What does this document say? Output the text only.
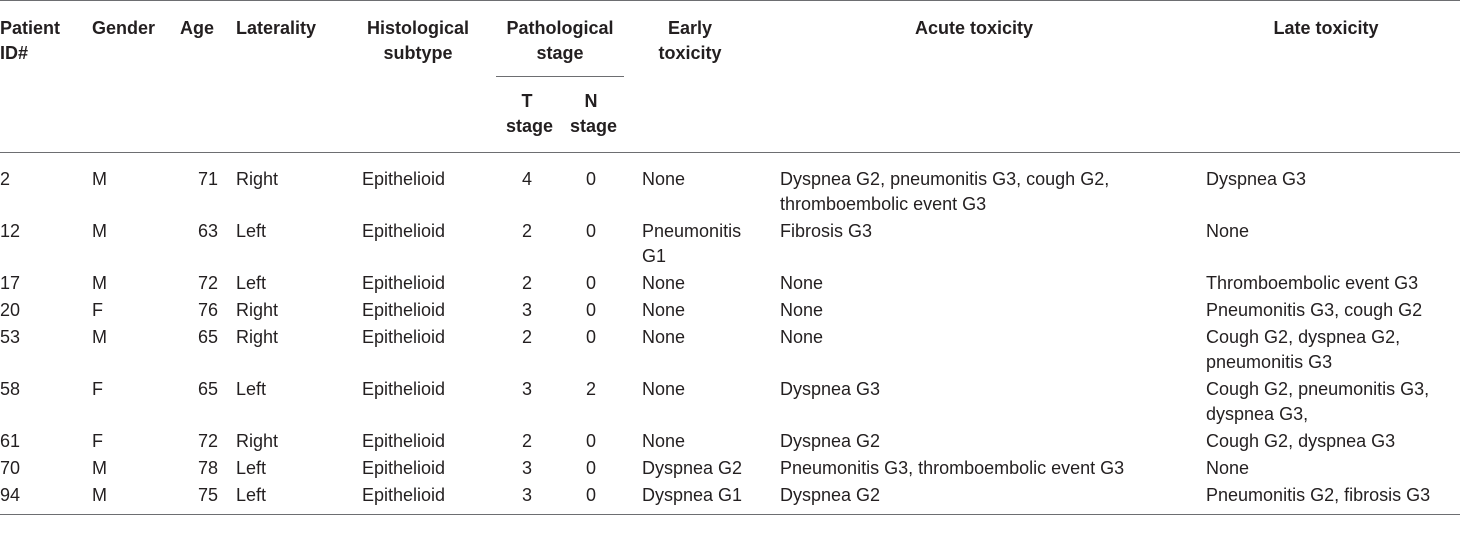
Patient ID#	Gender	Age	Laterality	Histological subtype	Pathological stage		Early toxicity	Acute toxicity	Late toxicity
					T stage	N stage			
2	M	71	Right	Epithelioid	4	0	None	Dyspnea G2, pneumonitis G3, cough G2, thromboembolic event G3	Dyspnea G3
12	M	63	Left	Epithelioid	2	0	Pneumonitis G1	Fibrosis G3	None
17	M	72	Left	Epithelioid	2	0	None	None	Thromboembolic event G3
20	F	76	Right	Epithelioid	3	0	None	None	Pneumonitis G3, cough G2
53	M	65	Right	Epithelioid	2	0	None	None	Cough G2, dyspnea G2, pneumonitis G3
58	F	65	Left	Epithelioid	3	2	None	Dyspnea G3	Cough G2, pneumonitis G3, dyspnea G3,
61	F	72	Right	Epithelioid	2	0	None	Dyspnea G2	Cough G2, dyspnea G3
70	M	78	Left	Epithelioid	3	0	Dyspnea G2	Pneumonitis G3, thromboembolic event G3	None
94	M	75	Left	Epithelioid	3	0	Dyspnea G1	Dyspnea G2	Pneumonitis G2, fibrosis G3
